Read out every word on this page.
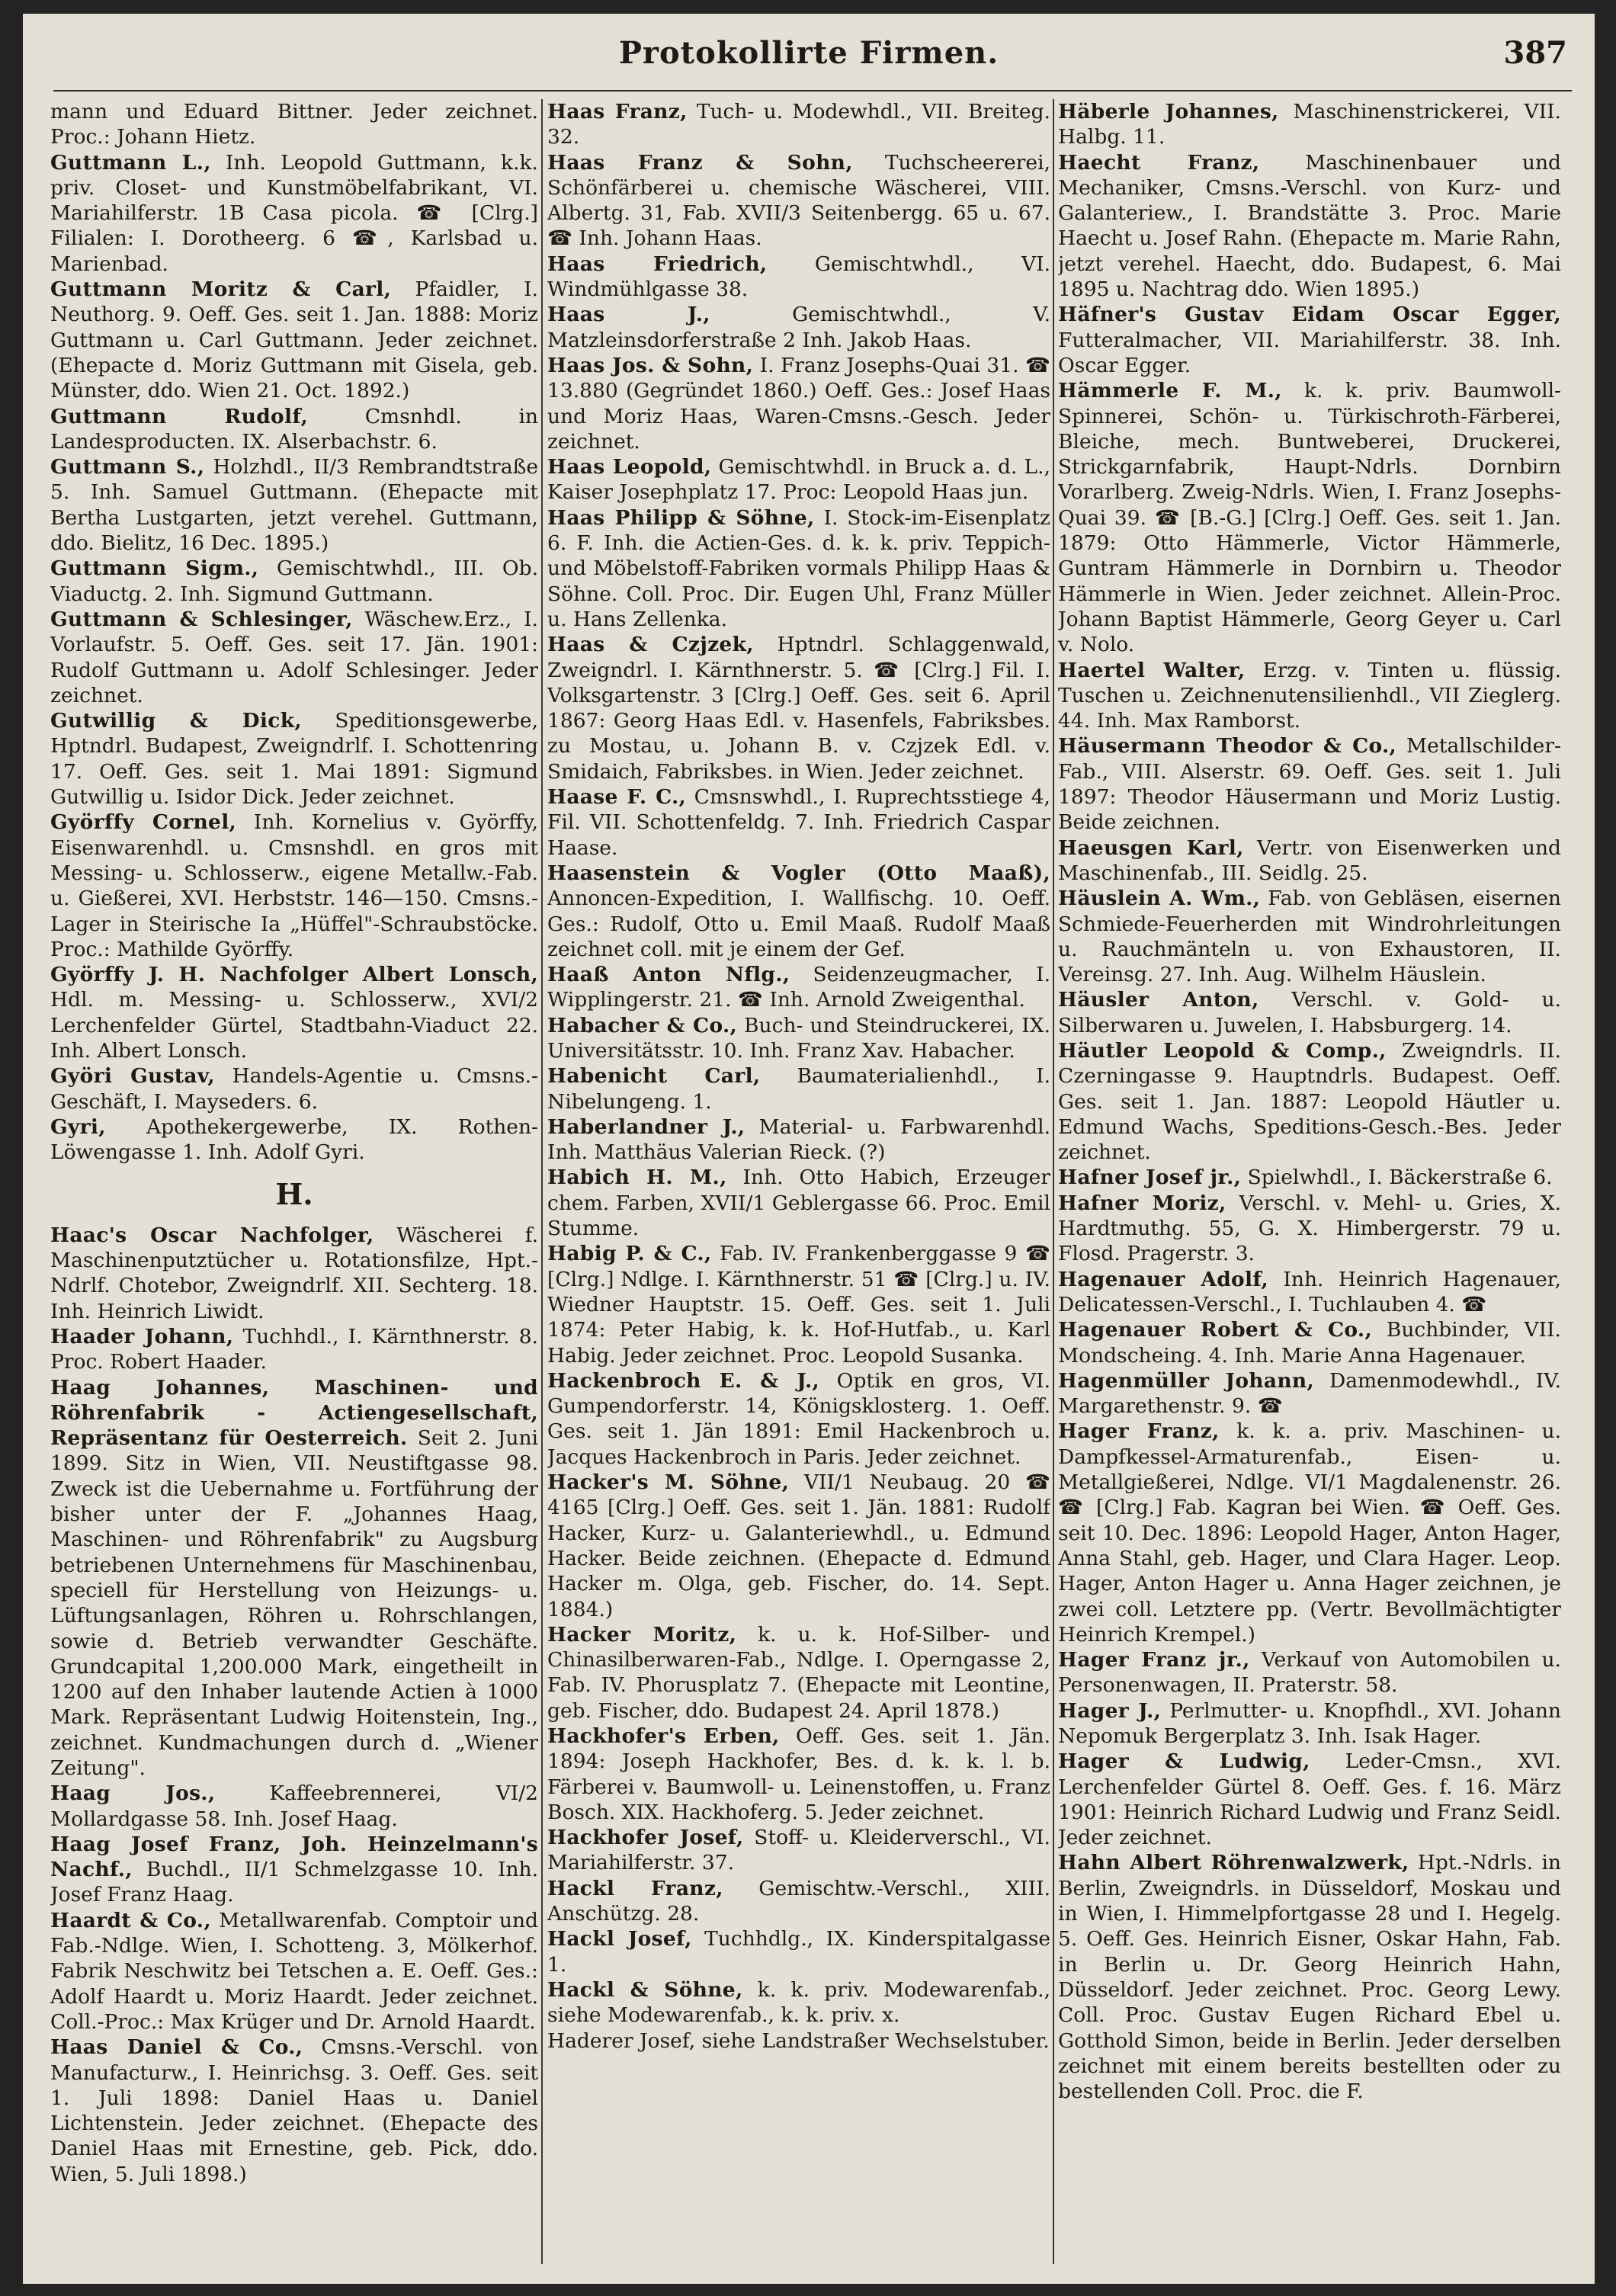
Protokollirte Firmen.	387

mann und Eduard Bittner. Jeder zeichnet. Proc.: Johann Hietz.

Guttmann L., Inh. Leopold Guttmann, k.k. priv. Closet- und Kunstmöbelfabrikant, VI. Mariahilferstr. 1B Casa picola. ☎ [Clrg.] Filialen: I. Dorotheerg. 6 ☎, Karlsbad u. Marienbad.

Guttmann Moritz & Carl, Pfaidler, I. Neuthorg. 9. Oeff. Ges. seit 1. Jan. 1888: Moriz Guttmann u. Carl Guttmann. Jeder zeichnet. (Ehepacte d. Moriz Guttmann mit Gisela, geb. Münster, ddo. Wien 21. Oct. 1892.)

Guttmann Rudolf, Cmsnhdl. in Landesproducten. IX. Alserbachstr. 6.

Guttmann S., Holzhdl., II/3 Rembrandtstraße 5. Inh. Samuel Guttmann. (Ehepacte mit Bertha Lustgarten, jetzt verehel. Guttmann, ddo. Bielitz, 16 Dec. 1895.)

Guttmann Sigm., Gemischtwhdl., III. Ob. Viaductg. 2. Inh. Sigmund Guttmann.

Guttmann & Schlesinger, Wäschew.Erz., I. Vorlaufstr. 5. Oeff. Ges. seit 17. Jän. 1901: Rudolf Guttmann u. Adolf Schlesinger. Jeder zeichnet.

Gutwillig & Dick, Speditionsgewerbe, Hptndrl. Budapest, Zweigndrlf. I. Schottenring 17. Oeff. Ges. seit 1. Mai 1891: Sigmund Gutwillig u. Isidor Dick. Jeder zeichnet.

Györffy Cornel, Inh. Kornelius v. Györffy, Eisenwarenhdl. u. Cmsnshdl. en gros mit Messing- u. Schlosserw., eigene Metallw.-Fab. u. Gießerei, XVI. Herbststr. 146—150. Cmsns.-Lager in Steirische Ia „Hüffel"-Schraubstöcke. Proc.: Mathilde Györffy.

Györffy J. H. Nachfolger Albert Lonsch, Hdl. m. Messing- u. Schlosserw., XVI/2 Lerchenfelder Gürtel, Stadtbahn-Viaduct 22. Inh. Albert Lonsch.

Györi Gustav, Handels-Agentie u. Cmsns.-Geschäft, I. Mayseders. 6.

Gyri, Apothekergewerbe, IX. Rothen-Löwengasse 1. Inh. Adolf Gyri.

H.

Haac's Oscar Nachfolger, Wäscherei f. Maschinenputztücher u. Rotationsfilze, Hpt.-Ndrlf. Chotebor, Zweigndrlf. XII. Sechterg. 18. Inh. Heinrich Liwidt.

Haader Johann, Tuchhdl., I. Kärnthnerstr. 8. Proc. Robert Haader.

Haag Johannes, Maschinen- und Röhrenfabrik - Actiengesellschaft, Repräsentanz für Oesterreich. Seit 2. Juni 1899. Sitz in Wien, VII. Neustiftgasse 98. Zweck ist die Uebernahme u. Fortführung der bisher unter der F. „Johannes Haag, Maschinen- und Röhrenfabrik" zu Augsburg betriebenen Unternehmens für Maschinenbau, speciell für Herstellung von Heizungs- u. Lüftungsanlagen, Röhren u. Rohrschlangen, sowie d. Betrieb verwandter Geschäfte. Grundcapital 1,200.000 Mark, eingetheilt in 1200 auf den Inhaber lautende Actien à 1000 Mark. Repräsentant Ludwig Hoitenstein, Ing., zeichnet. Kundmachungen durch d. „Wiener Zeitung".

Haag Jos., Kaffeebrennerei, VI/2 Mollardgasse 58. Inh. Josef Haag.

Haag Josef Franz, Joh. Heinzelmann's Nachf., Buchdl., II/1 Schmelzgasse 10. Inh. Josef Franz Haag.

Haardt & Co., Metallwarenfab. Comptoir und Fab.-Ndlge. Wien, I. Schotteng. 3, Mölkerhof. Fabrik Neschwitz bei Tetschen a. E. Oeff. Ges.: Adolf Haardt u. Moriz Haardt. Jeder zeichnet. Coll.-Proc.: Max Krüger und Dr. Arnold Haardt.

Haas Daniel & Co., Cmsns.-Verschl. von Manufacturw., I. Heinrichsg. 3. Oeff. Ges. seit 1. Juli 1898: Daniel Haas u. Daniel Lichtenstein. Jeder zeichnet. (Ehepacte des Daniel Haas mit Ernestine, geb. Pick, ddo. Wien, 5. Juli 1898.)

Haas Franz, Tuch- u. Modewhdl., VII. Breiteg. 32.

Haas Franz & Sohn, Tuchscheererei, Schönfärberei u. chemische Wäscherei, VIII. Albertg. 31, Fab. XVII/3 Seitenbergg. 65 u. 67. ☎ Inh. Johann Haas.

Haas Friedrich, Gemischtwhdl., VI. Windmühlgasse 38.

Haas J., Gemischtwhdl., V. Matzleinsdorferstraße 2 Inh. Jakob Haas.

Haas Jos. & Sohn, I. Franz Josephs-Quai 31. ☎ 13.880 (Gegründet 1860.) Oeff. Ges.: Josef Haas und Moriz Haas, Waren-Cmsns.-Gesch. Jeder zeichnet.

Haas Leopold, Gemischtwhdl. in Bruck a. d. L., Kaiser Josephplatz 17. Proc: Leopold Haas jun.

Haas Philipp & Söhne, I. Stock-im-Eisenplatz 6. F. Inh. die Actien-Ges. d. k. k. priv. Teppich- und Möbelstoff-Fabriken vormals Philipp Haas & Söhne. Coll. Proc. Dir. Eugen Uhl, Franz Müller u. Hans Zellenka.

Haas & Czjzek, Hptndrl. Schlaggenwald, Zweigndrl. I. Kärnthnerstr. 5. ☎ [Clrg.] Fil. I. Volksgartenstr. 3 [Clrg.] Oeff. Ges. seit 6. April 1867: Georg Haas Edl. v. Hasenfels, Fabriksbes. zu Mostau, u. Johann B. v. Czjzek Edl. v. Smidaich, Fabriksbes. in Wien. Jeder zeichnet.

Haase F. C., Cmsnswhdl., I. Ruprechtsstiege 4, Fil. VII. Schottenfeldg. 7. Inh. Friedrich Caspar Haase.

Haasenstein & Vogler (Otto Maaß), Annoncen-Expedition, I. Wallfischg. 10. Oeff. Ges.: Rudolf, Otto u. Emil Maaß. Rudolf Maaß zeichnet coll. mit je einem der Gef.

Haaß Anton Nflg., Seidenzeugmacher, I. Wipplingerstr. 21. ☎ Inh. Arnold Zweigenthal.

Habacher & Co., Buch- und Steindruckerei, IX. Universitätsstr. 10. Inh. Franz Xav. Habacher.

Habenicht Carl, Baumaterialienhdl., I. Nibelungeng. 1.

Haberlandner J., Material- u. Farbwarenhdl. Inh. Matthäus Valerian Rieck. (?)

Habich H. M., Inh. Otto Habich, Erzeuger chem. Farben, XVII/1 Geblergasse 66. Proc. Emil Stumme.

Habig P. & C., Fab. IV. Frankenberggasse 9 ☎ [Clrg.] Ndlge. I. Kärnthnerstr. 51 ☎ [Clrg.] u. IV. Wiedner Hauptstr. 15. Oeff. Ges. seit 1. Juli 1874: Peter Habig, k. k. Hof-Hutfab., u. Karl Habig. Jeder zeichnet. Proc. Leopold Susanka.

Hackenbroch E. & J., Optik en gros, VI. Gumpendorferstr. 14, Königsklosterg. 1. Oeff. Ges. seit 1. Jän 1891: Emil Hackenbroch u. Jacques Hackenbroch in Paris. Jeder zeichnet.

Hacker's M. Söhne, VII/1 Neubaug. 20 ☎ 4165 [Clrg.] Oeff. Ges. seit 1. Jän. 1881: Rudolf Hacker, Kurz- u. Galanteriewhdl., u. Edmund Hacker. Beide zeichnen. (Ehepacte d. Edmund Hacker m. Olga, geb. Fischer, do. 14. Sept. 1884.)

Hacker Moritz, k. u. k. Hof-Silber- und Chinasilberwaren-Fab., Ndlge. I. Operngasse 2, Fab. IV. Phorusplatz 7. (Ehepacte mit Leontine, geb. Fischer, ddo. Budapest 24. April 1878.)

Hackhofer's Erben, Oeff. Ges. seit 1. Jän. 1894: Joseph Hackhofer, Bes. d. k. k. l. b. Färberei v. Baumwoll- u. Leinenstoffen, u. Franz Bosch. XIX. Hackhoferg. 5. Jeder zeichnet.

Hackhofer Josef, Stoff- u. Kleiderverschl., VI. Mariahilferstr. 37.

Hackl Franz, Gemischtw.-Verschl., XIII. Anschützg. 28.

Hackl Josef, Tuchhdlg., IX. Kinderspitalgasse 1.

Hackl & Söhne, k. k. priv. Modewarenfab., siehe Modewarenfab., k. k. priv. x.

Haderer Josef, siehe Landstraßer Wechselstuber.

Häberle Johannes, Maschinenstrickerei, VII. Halbg. 11.

Haecht Franz, Maschinenbauer und Mechaniker, Cmsns.-Verschl. von Kurz- und Galanteriew., I. Brandstätte 3. Proc. Marie Haecht u. Josef Rahn. (Ehepacte m. Marie Rahn, jetzt verehel. Haecht, ddo. Budapest, 6. Mai 1895 u. Nachtrag ddo. Wien 1895.)

Häfner's Gustav Eidam Oscar Egger, Futteralmacher, VII. Mariahilferstr. 38. Inh. Oscar Egger.

Hämmerle F. M., k. k. priv. Baumwoll-Spinnerei, Schön- u. Türkischroth-Färberei, Bleiche, mech. Buntweberei, Druckerei, Strickgarnfabrik, Haupt-Ndrls. Dornbirn Vorarlberg. Zweig-Ndrls. Wien, I. Franz Josephs-Quai 39. ☎ [B.-G.] [Clrg.] Oeff. Ges. seit 1. Jan. 1879: Otto Hämmerle, Victor Hämmerle, Guntram Hämmerle in Dornbirn u. Theodor Hämmerle in Wien. Jeder zeichnet. Allein-Proc. Johann Baptist Hämmerle, Georg Geyer u. Carl v. Nolo.

Haertel Walter, Erzg. v. Tinten u. flüssig. Tuschen u. Zeichnenutensilienhdl., VII Zieglerg. 44. Inh. Max Ramborst.

Häusermann Theodor & Co., Metallschilder-Fab., VIII. Alserstr. 69. Oeff. Ges. seit 1. Juli 1897: Theodor Häusermann und Moriz Lustig. Beide zeichnen.

Haeusgen Karl, Vertr. von Eisenwerken und Maschinenfab., III. Seidlg. 25.

Häuslein A. Wm., Fab. von Gebläsen, eisernen Schmiede-Feuerherden mit Windrohrleitungen u. Rauchmänteln u. von Exhaustoren, II. Vereinsg. 27. Inh. Aug. Wilhelm Häuslein.

Häusler Anton, Verschl. v. Gold- u. Silberwaren u. Juwelen, I. Habsburgerg. 14.

Häutler Leopold & Comp., Zweigndrls. II. Czerningasse 9. Hauptndrls. Budapest. Oeff. Ges. seit 1. Jan. 1887: Leopold Häutler u. Edmund Wachs, Speditions-Gesch.-Bes. Jeder zeichnet.

Hafner Josef jr., Spielwhdl., I. Bäckerstraße 6.

Hafner Moriz, Verschl. v. Mehl- u. Gries, X. Hardtmuthg. 55, G. X. Himbergerstr. 79 u. Flosd. Pragerstr. 3.

Hagenauer Adolf, Inh. Heinrich Hagenauer, Delicatessen-Verschl., I. Tuchlauben 4. ☎

Hagenauer Robert & Co., Buchbinder, VII. Mondscheing. 4. Inh. Marie Anna Hagenauer.

Hagenmüller Johann, Damenmodewhdl., IV. Margarethenstr. 9. ☎

Hager Franz, k. k. a. priv. Maschinen- u. Dampfkessel-Armaturenfab., Eisen- u. Metallgießerei, Ndlge. VI/1 Magdalenenstr. 26. ☎ [Clrg.] Fab. Kagran bei Wien. ☎ Oeff. Ges. seit 10. Dec. 1896: Leopold Hager, Anton Hager, Anna Stahl, geb. Hager, und Clara Hager. Leop. Hager, Anton Hager u. Anna Hager zeichnen, je zwei coll. Letztere pp. (Vertr. Bevollmächtigter Heinrich Krempel.)

Hager Franz jr., Verkauf von Automobilen u. Personenwagen, II. Praterstr. 58.

Hager J., Perlmutter- u. Knopfhdl., XVI. Johann Nepomuk Bergerplatz 3. Inh. Isak Hager.

Hager & Ludwig, Leder-Cmsn., XVI. Lerchenfelder Gürtel 8. Oeff. Ges. f. 16. März 1901: Heinrich Richard Ludwig und Franz Seidl. Jeder zeichnet.

Hahn Albert Röhrenwalzwerk, Hpt.-Ndrls. in Berlin, Zweigndrls. in Düsseldorf, Moskau und in Wien, I. Himmelpfortgasse 28 und I. Hegelg. 5. Oeff. Ges. Heinrich Eisner, Oskar Hahn, Fab. in Berlin u. Dr. Georg Heinrich Hahn, Düsseldorf. Jeder zeichnet. Proc. Georg Lewy. Coll. Proc. Gustav Eugen Richard Ebel u. Gotthold Simon, beide in Berlin. Jeder derselben zeichnet mit einem bereits bestellten oder zu bestellenden Coll. Proc. die F.
